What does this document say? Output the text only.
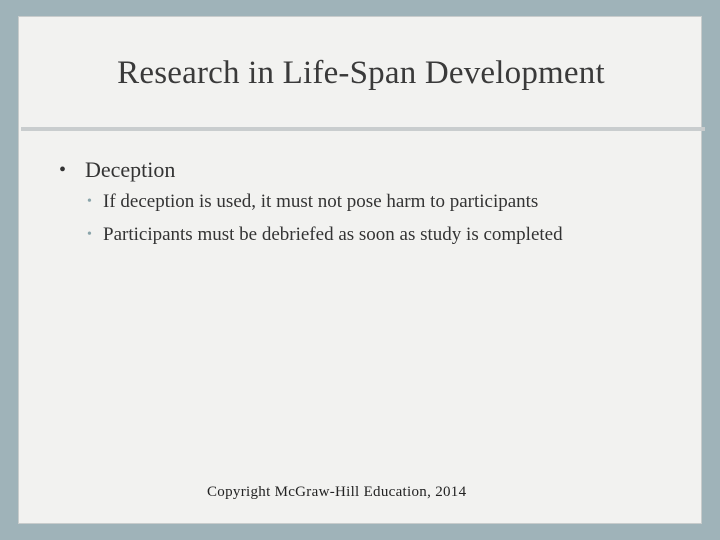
Research in Life-Span Development
• Deception
• If deception is used, it must not pose harm to participants
• Participants must be debriefed as soon as study is completed
Copyright McGraw-Hill Education, 2014
